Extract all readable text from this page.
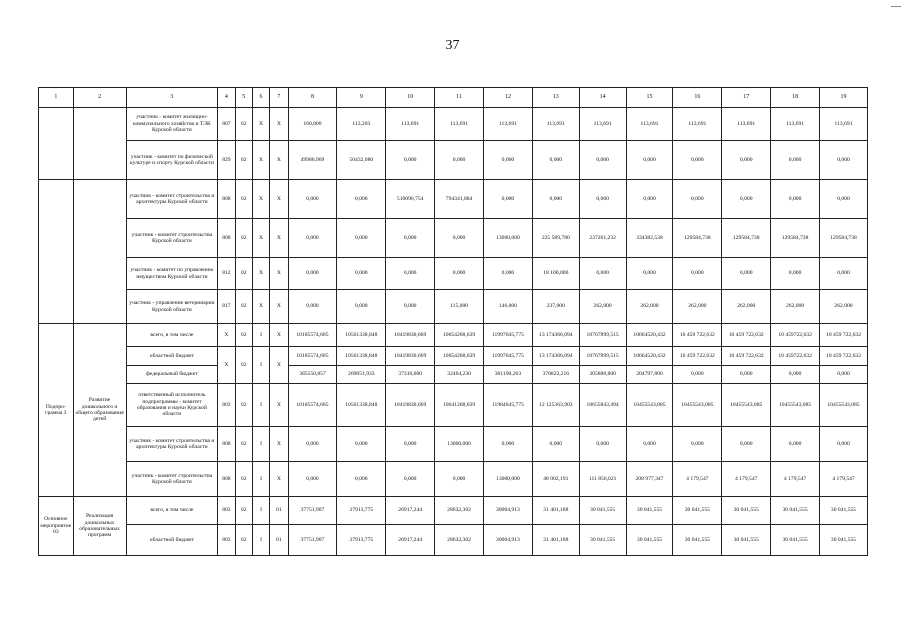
37
1	2	3	4	5	6	7	8	9	10	11	12	13	14	15	16	17	18	19
		участник - комитет жилищно-коммунального хозяйства и ТЭК Курской области	807	02	Х	Х	160,800	113,203	113,691	113,691	113,691	113,691	113,691	113,691	113,691	113,691	113,691	113,691
		участник - комитет по физической культуре и спорту Курской области	829	02	Х	Х	49986,969	50432,080	0,000	0,000	0,000	0,000	0,000	0,000	0,000	0,000	0,000	0,000
		участник - комитет строительства и архитектуры Курской области	808	02	Х	Х	0,000	0,000	510096,754	794341,884	0,000	0,000	0,000	0,000	0,000	0,000	0,000	0,000
		участник - комитет строительства Курской области	808	02	Х	Х	0,000	0,000	0,000	0,000	13000,000	225 589,780	237261,232	334382,538	129584,738	129584,738	129584,738	129584,738
		участник - комитет по управлению имуществом Курской области	812	02	Х	Х	0,000	0,000	0,000	0,000	0,000	18 100,000	0,000	0,000	0,000	0,000	0,000	0,000
		участник - управление ветеринарии Курской области	817	02	Х	Х	0,000	0,000	0,000	115,000	146,000	237,000	262,000	262,000	262,000	262,000	262,000	262,000
Подпро-грамма 3	Развитие дошкольного и общего образования детей	всего, в том числе	Х	02	I	Х	10185574,685	10561338,848	10419830,669	10654268,639	11997645,775	13 174366,094	10767899,515	10664520,432	10 459 722,632	10 459 722,632	10 459722,632	10 459 722,632
		областной бюджет	Х	02	I	Х	10185574,685	10561338,848	10419830,669	10654268,639	11997645,775	13 174366,094	10767899,515	10664520,432	10 459 722,632	10 459 722,632	10 459722,632	10 459 722,632
		федеральный бюджет					385550,857	269051,933	37316,000	32464,230	361190,263	370822,216	305888,800	204797,800	0,000	0,000	0,000	0,000
		ответственный исполнитель подпрограммы - комитет образования и науки Курской области	803	02	I	Х	10185574,685	10561338,848	10419830,669	10641268,639	11984645,775	12 125363,903	10655843,494	10455543,085	10455543,085	10455543,085	10455543,085	10455543,085
		участник - комитет строительства и архитектуры Курской области	808	02	I	Х	0,000	0,000	0,000	13000,000	0,000	0,000	0,000	0,000	0,000	0,000	0,000	0,000
		участник - комитет строительства Курской области	808	02	I	Х	0,000	0,000	0,000	0,000	13000,000	48 002,191	111 856,021	208 977,347	4 179,547	4 179,547	4 179,547	4 179,547
Основное мероприятие 03	Реализация дошкольных образовательных программ	всего, в том числе	803	02	I	01	37751,907	37913,775	26917,244	28632,302	30004,913	31 401,188	30 041,555	30 041,555	30 041,555	30 041,555	30 041,555	30 041,555
		областной бюджет	803	02	I	01	37751,907	37913,775	26917,244	28632,302	30004,913	31 401,188	30 041,555	30 041,555	30 041,555	30 041,555	30 041,555	30 041,555
